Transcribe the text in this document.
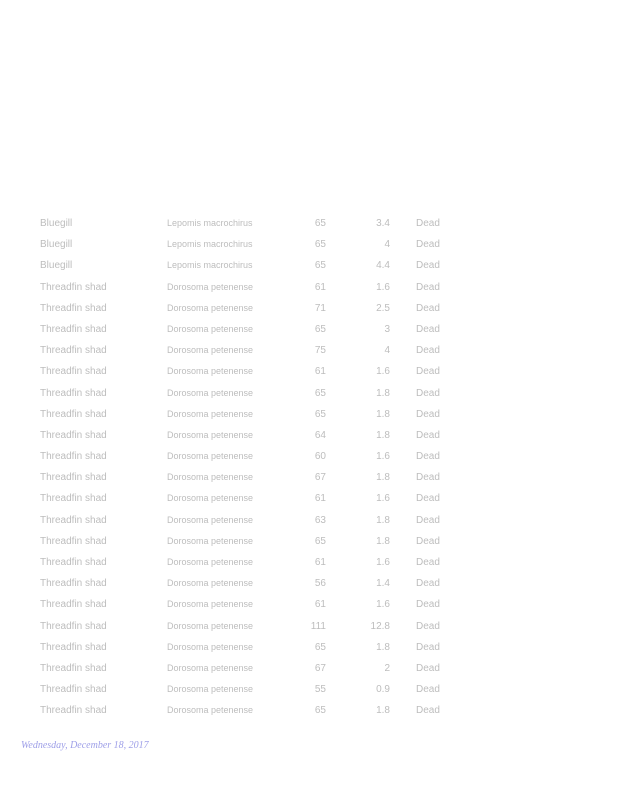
Bluegill	Lepomis macrochirus	65	3.4	Dead
Bluegill	Lepomis macrochirus	65	4	Dead
Bluegill	Lepomis macrochirus	65	4.4	Dead
Threadfin shad	Dorosoma petenense	61	1.6	Dead
Threadfin shad	Dorosoma petenense	71	2.5	Dead
Threadfin shad	Dorosoma petenense	65	3	Dead
Threadfin shad	Dorosoma petenense	75	4	Dead
Threadfin shad	Dorosoma petenense	61	1.6	Dead
Threadfin shad	Dorosoma petenense	65	1.8	Dead
Threadfin shad	Dorosoma petenense	65	1.8	Dead
Threadfin shad	Dorosoma petenense	64	1.8	Dead
Threadfin shad	Dorosoma petenense	60	1.6	Dead
Threadfin shad	Dorosoma petenense	67	1.8	Dead
Threadfin shad	Dorosoma petenense	61	1.6	Dead
Threadfin shad	Dorosoma petenense	63	1.8	Dead
Threadfin shad	Dorosoma petenense	65	1.8	Dead
Threadfin shad	Dorosoma petenense	61	1.6	Dead
Threadfin shad	Dorosoma petenense	56	1.4	Dead
Threadfin shad	Dorosoma petenense	61	1.6	Dead
Threadfin shad	Dorosoma petenense	111	12.8	Dead
Threadfin shad	Dorosoma petenense	65	1.8	Dead
Threadfin shad	Dorosoma petenense	67	2	Dead
Threadfin shad	Dorosoma petenense	55	0.9	Dead
Threadfin shad	Dorosoma petenense	65	1.8	Dead
Wednesday, December 18, 2017
